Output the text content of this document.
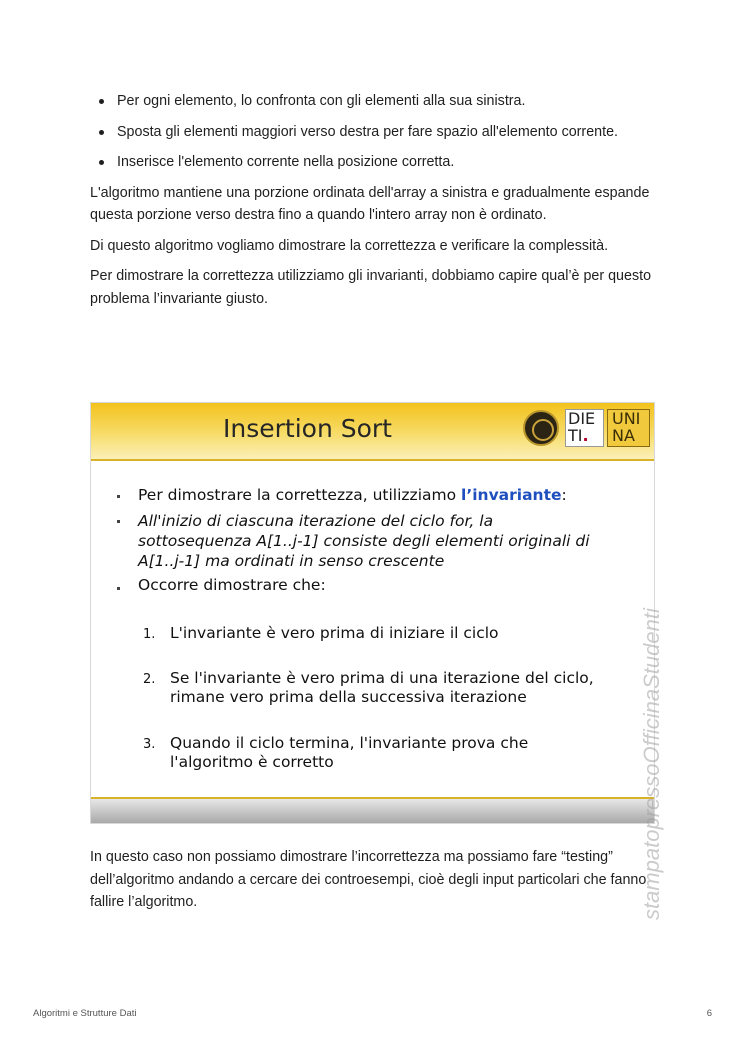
Per ogni elemento, lo confronta con gli elementi alla sua sinistra.
Sposta gli elementi maggiori verso destra per fare spazio all'elemento corrente.
Inserisce l'elemento corrente nella posizione corretta.

L'algoritmo mantiene una porzione ordinata dell'array a sinistra e gradualmente espande questa porzione verso destra fino a quando l'intero array non è ordinato.

Di questo algoritmo vogliamo dimostrare la correttezza e verificare la complessità.

Per dimostrare la correttezza utilizziamo gli invarianti, dobbiamo capire qual’è per questo problema l’invariante giusto.

Insertion Sort	DIE
TI.
UNI
NA
Per dimostrare la correttezza, utilizziamo l’invariante:
All'inizio di ciascuna iterazione del ciclo for, la sottosequenza A[1..j-1] consiste degli elementi originali di A[1..j-1] ma ordinati in senso crescente
Occorre dimostrare che:
1. L'invariante è vero prima di iniziare il ciclo
2. Se l'invariante è vero prima di una iterazione del ciclo, rimane vero prima della successiva iterazione
3. Quando il ciclo termina, l'invariante prova che l'algoritmo è corretto	stampatopressoOfficinaStudenti

In questo caso non possiamo dimostrare l’incorrettezza ma possiamo fare “testing” dell’algoritmo andando a cercare dei controesempi, cioè degli input particolari che fanno fallire l’algoritmo.

Algoritmi e Strutture Dati	6
